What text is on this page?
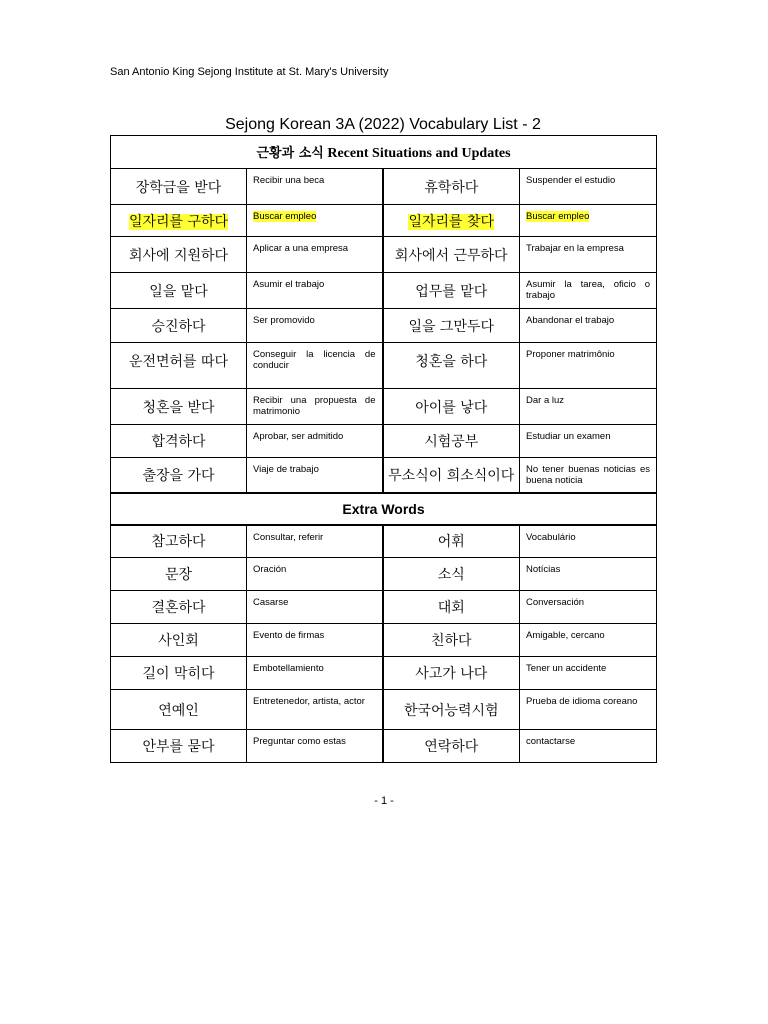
San Antonio King Sejong Institute at St. Mary's University
Sejong Korean 3A (2022) Vocabulary List - 2
근황과 소식 Recent Situations and Updates			
장학금을 받다	Recibir una beca	휴학하다	Suspender el estudio
일자리를 구하다	Buscar empleo	일자리를 찾다	Buscar empleo
회사에 지원하다	Aplicar a una empresa	회사에서 근무하다	Trabajar en la empresa
일을 맡다	Asumir el trabajo	업무를 맡다	Asumir la tarea, oficio o trabajo
승진하다	Ser promovido	일을 그만두다	Abandonar el trabajo
운전면허를 따다	Conseguir la licencia de conducir	청혼을 하다	Proponer matrimônio
청혼을 받다	Recibir una propuesta de matrimonio	아이를 낳다	Dar a luz
합격하다	Aprobar, ser admitido	시험공부	Estudiar un examen
출장을 가다	Viaje de trabajo	무소식이 희소식이다	No tener buenas noticias es buena noticia
Extra Words			
참고하다	Consultar, referir	어휘	Vocabulário
문장	Oración	소식	Notícias
결혼하다	Casarse	대회	Conversación
사인회	Evento de firmas	친하다	Amigable, cercano
길이 막히다	Embotellamiento	사고가 나다	Tener un accidente
연예인	Entretenedor, artista, actor	한국어능력시험	Prueba de idioma coreano
안부를 묻다	Preguntar como estas	연락하다	contactarse
- 1 -
